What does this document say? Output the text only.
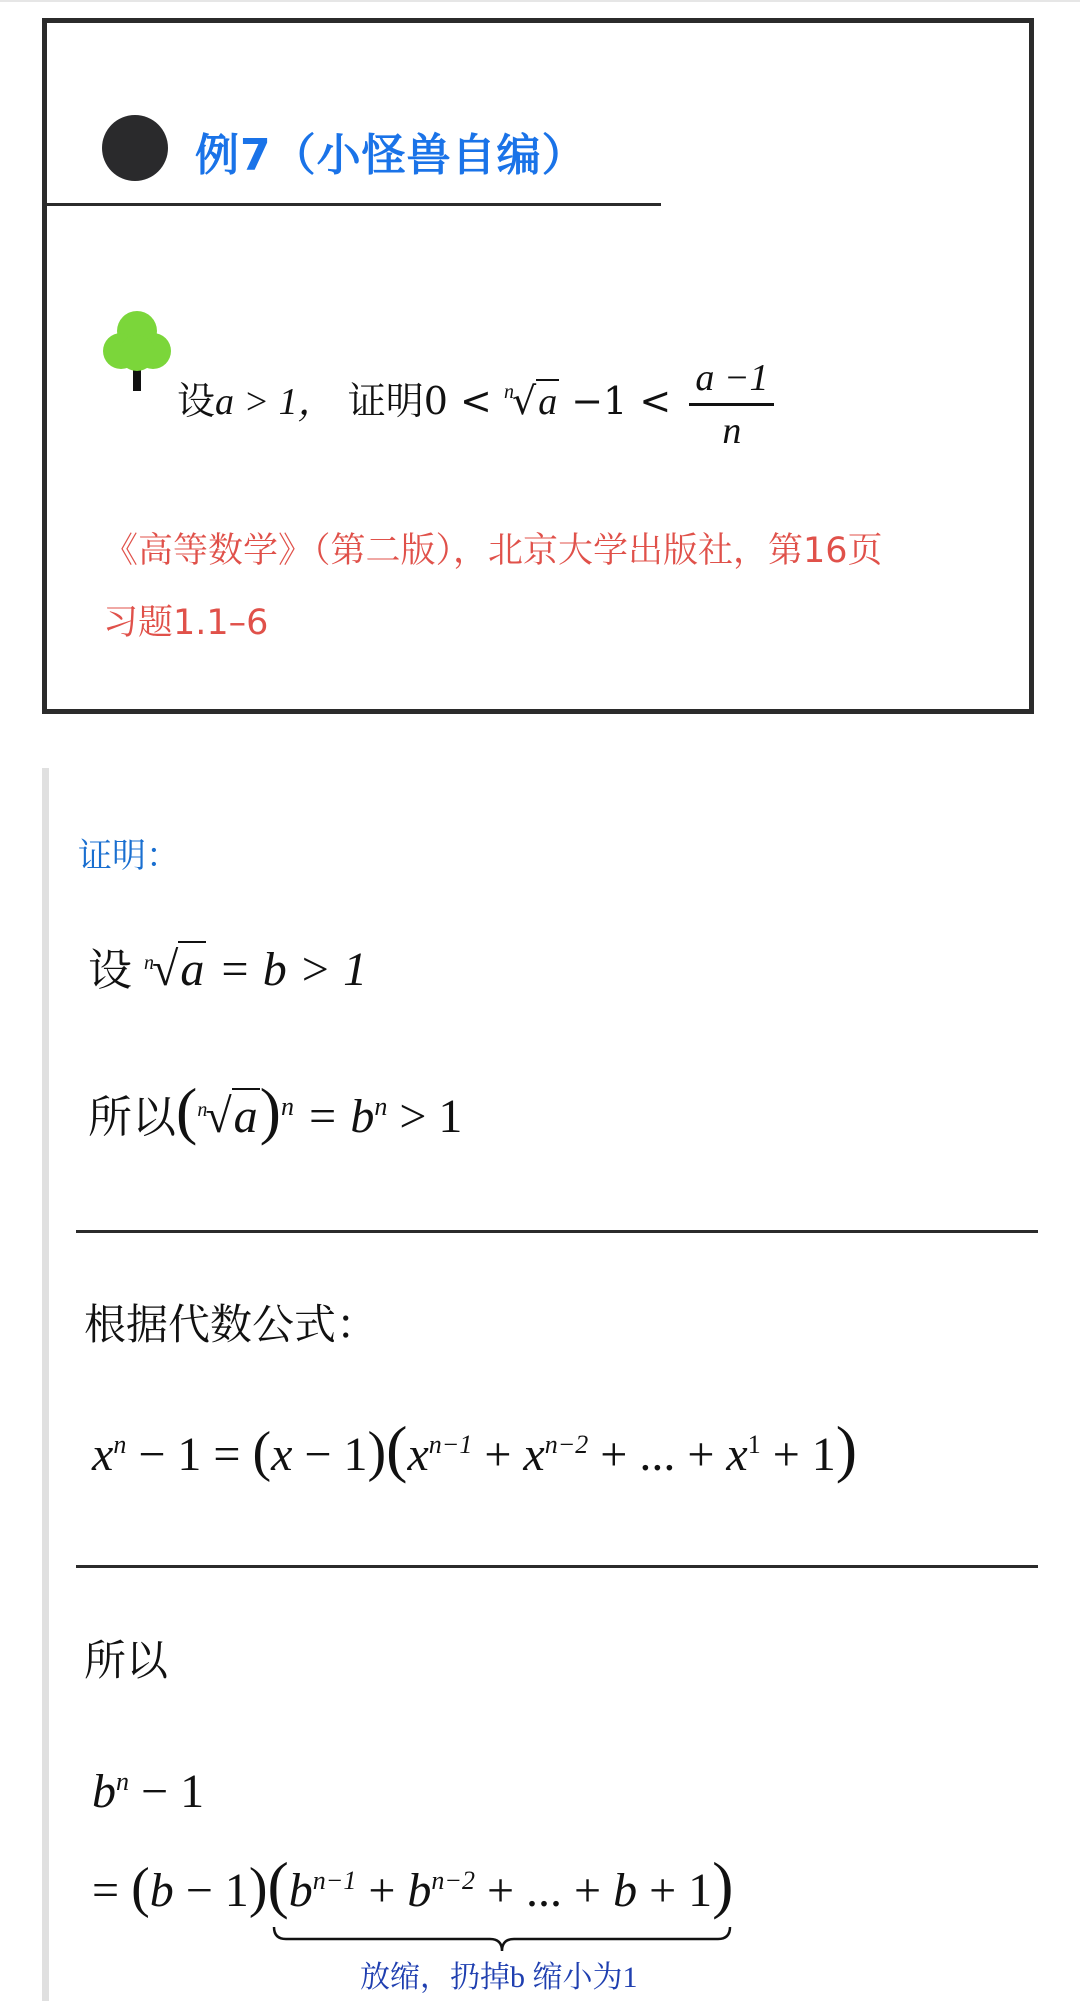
例7（小怪兽自编）
设a > 1， 证明$0 < ^n√a -1 < \frac{a -1}{n}$
《高等数学》（第二版），北京大学出版社，第16页
习题1.1–6
证明：
设 $^n$√a = b > 1
所以$(^n√a)^n = b^n > 1$
根据代数公式：
$x^n - 1 = (x - 1)(x^{n-1} + x^{n-2}$ + ... + $x^1 + 1$)
所以
$b^n - 1$
= $(b - 1)(b^{n-1} + b^{n-2}$ + ... + b + 1)
放缩，扔掉b 缩小为1
